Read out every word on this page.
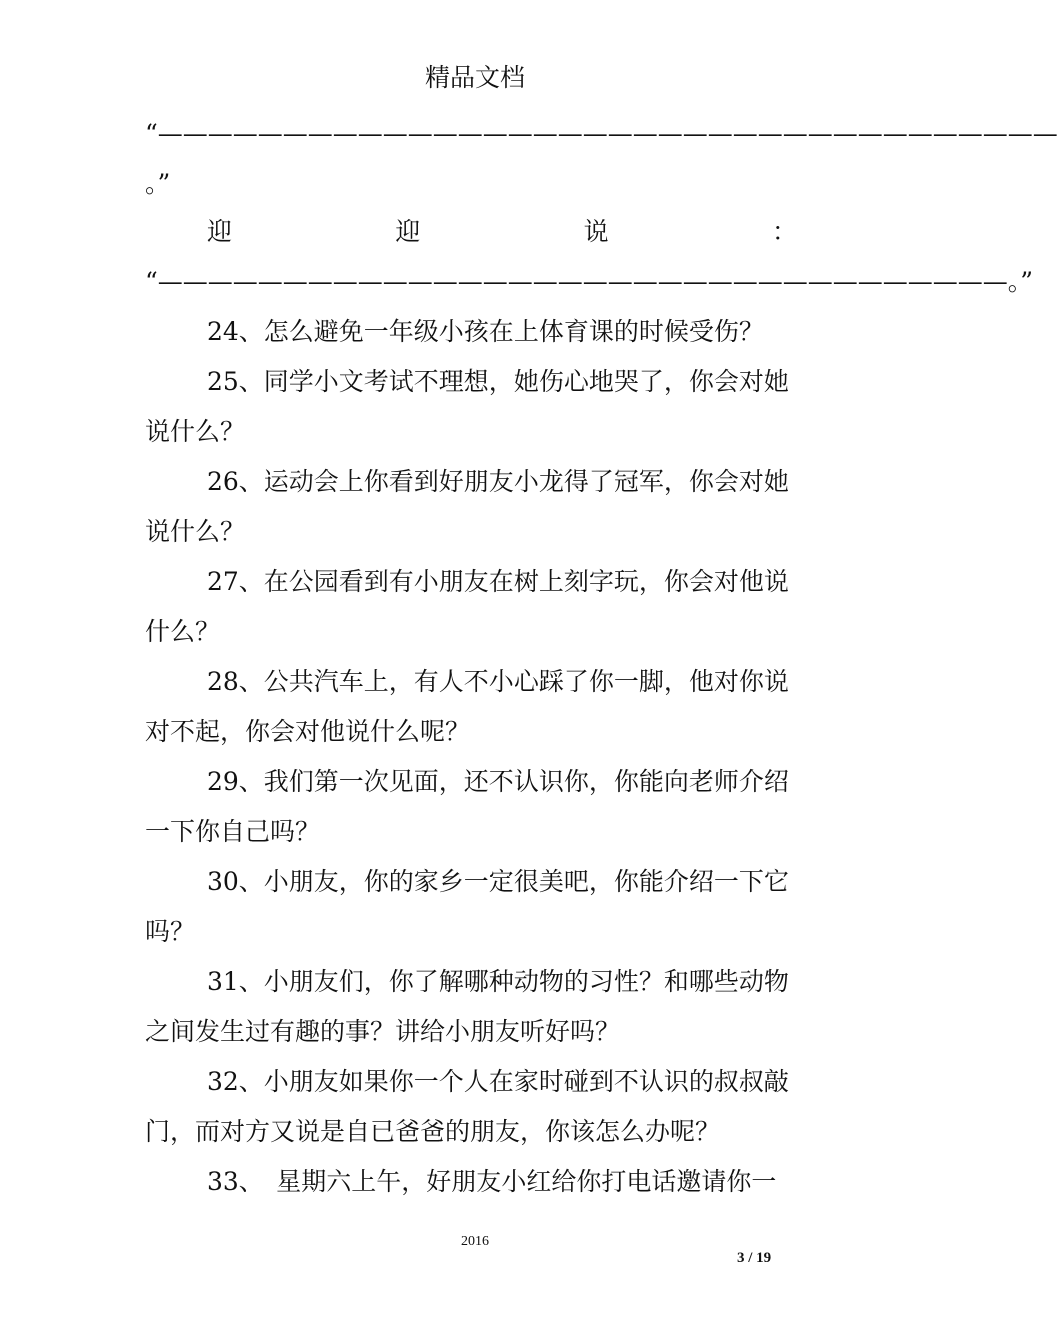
精品文档
“————————————————————————————————————
。”
迎	迎	说	：
“——————————————————————————————————。”
24、怎么避免一年级小孩在上体育课的时候受伤？
25、同学小文考试不理想，她伤心地哭了，你会对她
说什么？
26、运动会上你看到好朋友小龙得了冠军，你会对她
说什么？
27、在公园看到有小朋友在树上刻字玩，你会对他说
什么？
28、公共汽车上，有人不小心踩了你一脚，他对你说
对不起，你会对他说什么呢？
29、我们第一次见面，还不认识你，你能向老师介绍
一下你自己吗？
30、小朋友，你的家乡一定很美吧，你能介绍一下它
吗？
31、小朋友们，你了解哪种动物的习性？和哪些动物
之间发生过有趣的事？讲给小朋友听好吗？
32、小朋友如果你一个人在家时碰到不认识的叔叔敲
门，而对方又说是自已爸爸的朋友，你该怎么办呢？
33、　星期六上午，好朋友小红给你打电话邀请你一
2016
3 / 19
